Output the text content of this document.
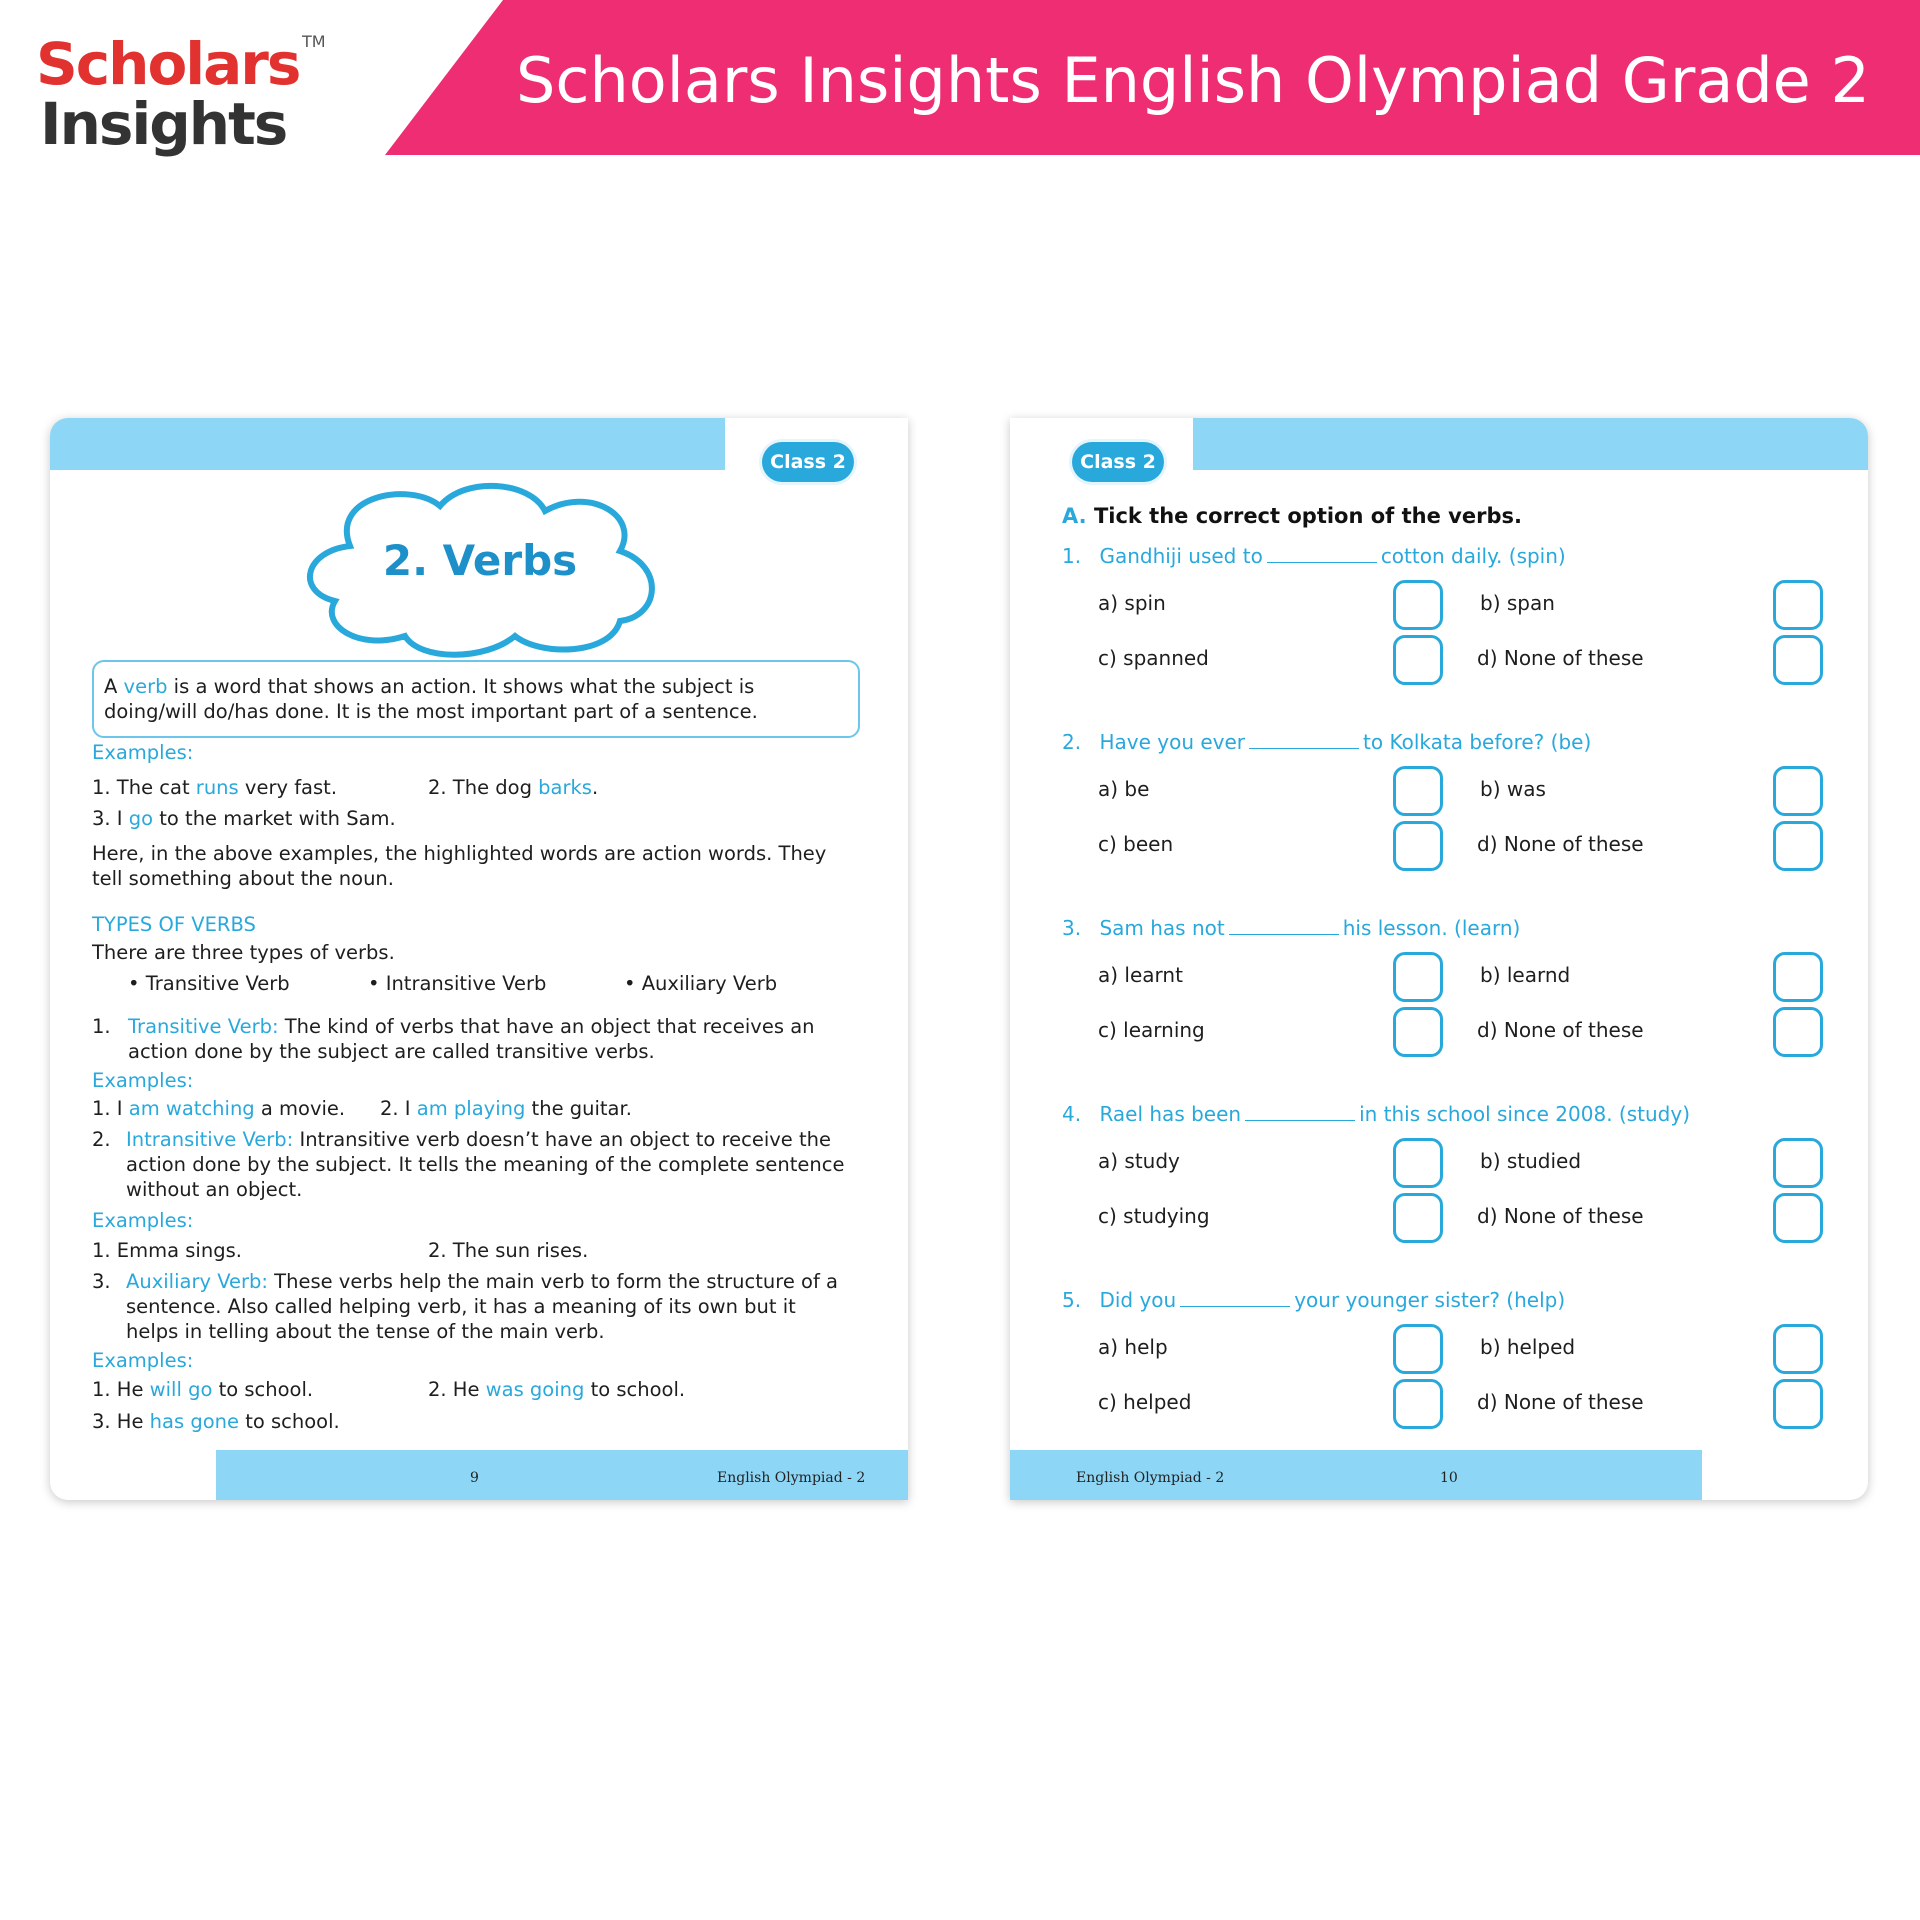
Scholars Insights English Olympiad Grade 2
Scholars
Insights
TM
Class 2
2. Verbs
A verb is a word that shows an action. It shows what the subject is doing/will do/has done. It is the most important part of a sentence.
Examples:
1. The cat runs very fast.	2. The dog barks.
3. I go to the market with Sam.
Here, in the above examples, the highlighted words are action words. They tell something about the noun.
TYPES OF VERBS
There are three types of verbs.
• Transitive Verb	• Intransitive Verb	• Auxiliary Verb
1. Transitive Verb: The kind of verbs that have an object that receives an action done by the subject are called transitive verbs.
Examples:
1. I am watching a movie. 2. I am playing the guitar.
2. Intransitive Verb: Intransitive verb doesn’t have an object to receive the action done by the subject. It tells the meaning of the complete sentence without an object.
Examples:
1. Emma sings.	2. The sun rises.
3. Auxiliary Verb: These verbs help the main verb to form the structure of a sentence. Also called helping verb, it has a meaning of its own but it helps in telling about the tense of the main verb.
Examples:
1. He will go to school.	2. He was going to school.
3. He has gone to school.
9	English Olympiad - 2
Class 2
A. Tick the correct option of the verbs.
1. Gandhiji used to	cotton daily. (spin)
a) spin	b) span
c) spanned	d) None of these
2. Have you ever	to Kolkata before? (be)
a) be	b) was
c) been	d) None of these
3. Sam has not	his lesson. (learn)
a) learnt	b) learnd
c) learning	d) None of these
4. Rael has been	in this school since 2008. (study)
a) study	b) studied
c) studying	d) None of these
5. Did you	your younger sister? (help)
a) help	b) helped
c) helped	d) None of these
English Olympiad - 2	10
